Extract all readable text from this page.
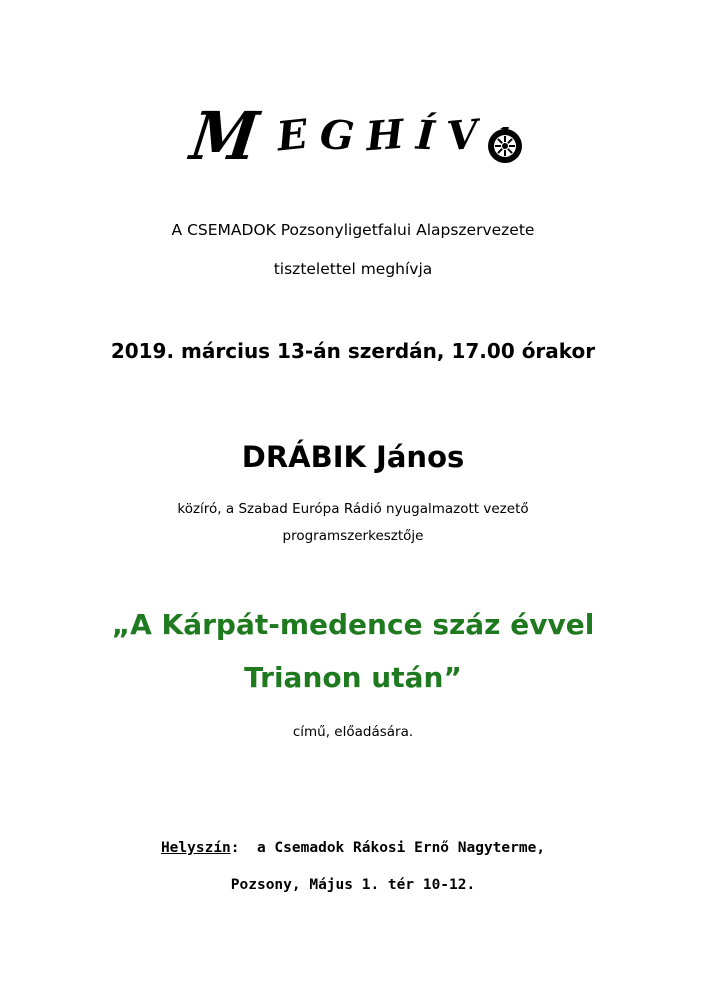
M E G H Í V
A CSEMADOK Pozsonyligetfalui Alapszervezete
tisztelettel meghívja
2019. március 13-án szerdán, 17.00 órakor
DRÁBIK János
közíró, a Szabad Európa Rádió nyugalmazott vezető
programszerkesztője
„A Kárpát-medence száz évvel
Trianon után”
című, előadására.
Helyszín:  a Csemadok Rákosi Ernő Nagyterme,
Pozsony, Május 1. tér 10-12.
